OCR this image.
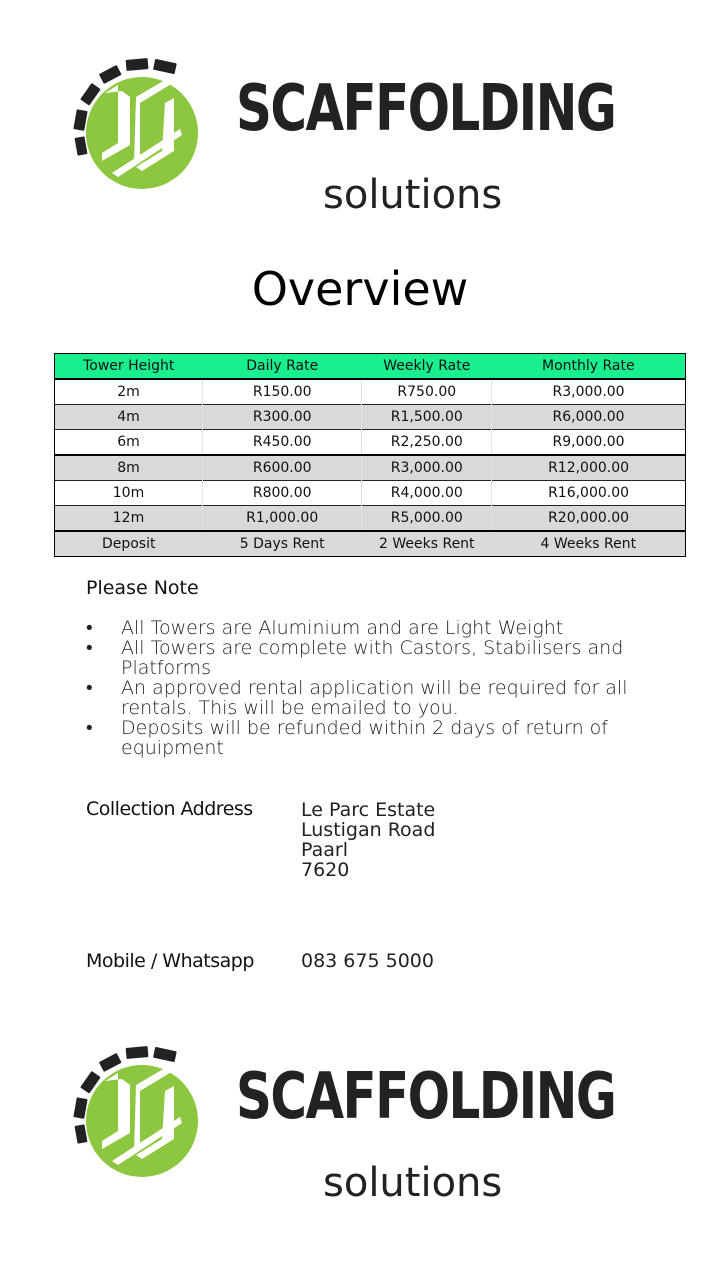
SCAFFOLDING
solutions
Overview
Tower Height	Daily Rate	Weekly Rate	Monthly Rate
2m	R150.00	R750.00	R3,000.00
4m	R300.00	R1,500.00	R6,000.00
6m	R450.00	R2,250.00	R9,000.00
8m	R600.00	R3,000.00	R12,000.00
10m	R800.00	R4,000.00	R16,000.00
12m	R1,000.00	R5,000.00	R20,000.00
Deposit	5 Days Rent	2 Weeks Rent	4 Weeks Rent
Please Note
• All Towers are Aluminium and are Light Weight
• All Towers are complete with Castors, Stabilisers and Platforms
• An approved rental application will be required for all rentals. This will be emailed to you.
• Deposits will be refunded within 2 days of return of equipment
Collection Address	Le Parc Estate
Lustigan Road
Paarl
7620
Mobile / Whatsapp 083 675 5000
SCAFFOLDING
solutions
